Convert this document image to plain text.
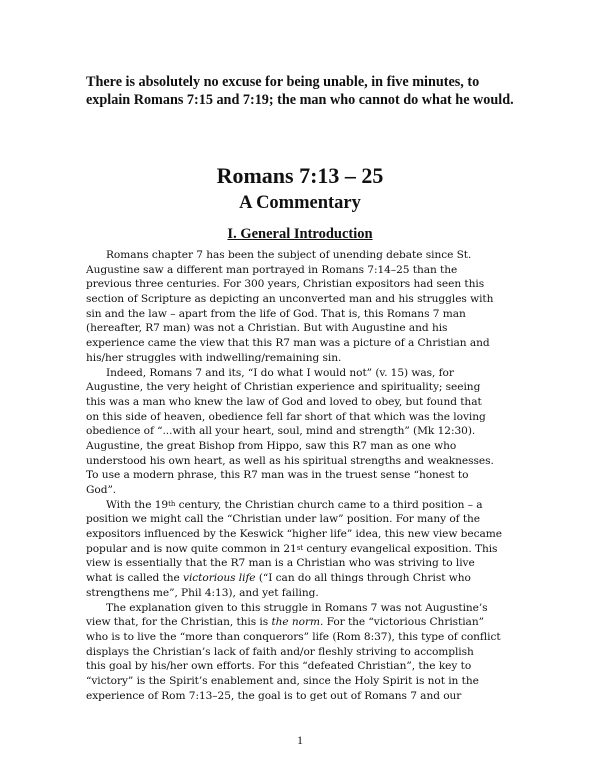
There is absolutely no excuse for being unable, in five minutes, to
explain Romans 7:15 and 7:19; the man who cannot do what he would.
Romans 7:13 – 25
A Commentary
I. General Introduction
Romans chapter 7 has been the subject of unending debate since St.
Augustine saw a different man portrayed in Romans 7:14–25 than the
previous three centuries. For 300 years, Christian expositors had seen this
section of Scripture as depicting an unconverted man and his struggles with
sin and the law – apart from the life of God. That is, this Romans 7 man
(hereafter, R7 man) was not a Christian. But with Augustine and his
experience came the view that this R7 man was a picture of a Christian and
his/her struggles with indwelling/remaining sin.
Indeed, Romans 7 and its, “I do what I would not” (v. 15) was, for
Augustine, the very height of Christian experience and spirituality; seeing
this was a man who knew the law of God and loved to obey, but found that
on this side of heaven, obedience fell far short of that which was the loving
obedience of “...with all your heart, soul, mind and strength” (Mk 12:30).
Augustine, the great Bishop from Hippo, saw this R7 man as one who
understood his own heart, as well as his spiritual strengths and weaknesses.
To use a modern phrase, this R7 man was in the truest sense “honest to
God”.
With the 19th century, the Christian church came to a third position – a
position we might call the “Christian under law” position. For many of the
expositors influenced by the Keswick “higher life” idea, this new view became
popular and is now quite common in 21st century evangelical exposition. This
view is essentially that the R7 man is a Christian who was striving to live
what is called the victorious life (“I can do all things through Christ who
strengthens me”, Phil 4:13), and yet failing.
The explanation given to this struggle in Romans 7 was not Augustine’s
view that, for the Christian, this is the norm. For the “victorious Christian”
who is to live the “more than conquerors” life (Rom 8:37), this type of conflict
displays the Christian’s lack of faith and/or fleshly striving to accomplish
this goal by his/her own efforts. For this “defeated Christian”, the key to
“victory” is the Spirit’s enablement and, since the Holy Spirit is not in the
experience of Rom 7:13–25, the goal is to get out of Romans 7 and our
1
